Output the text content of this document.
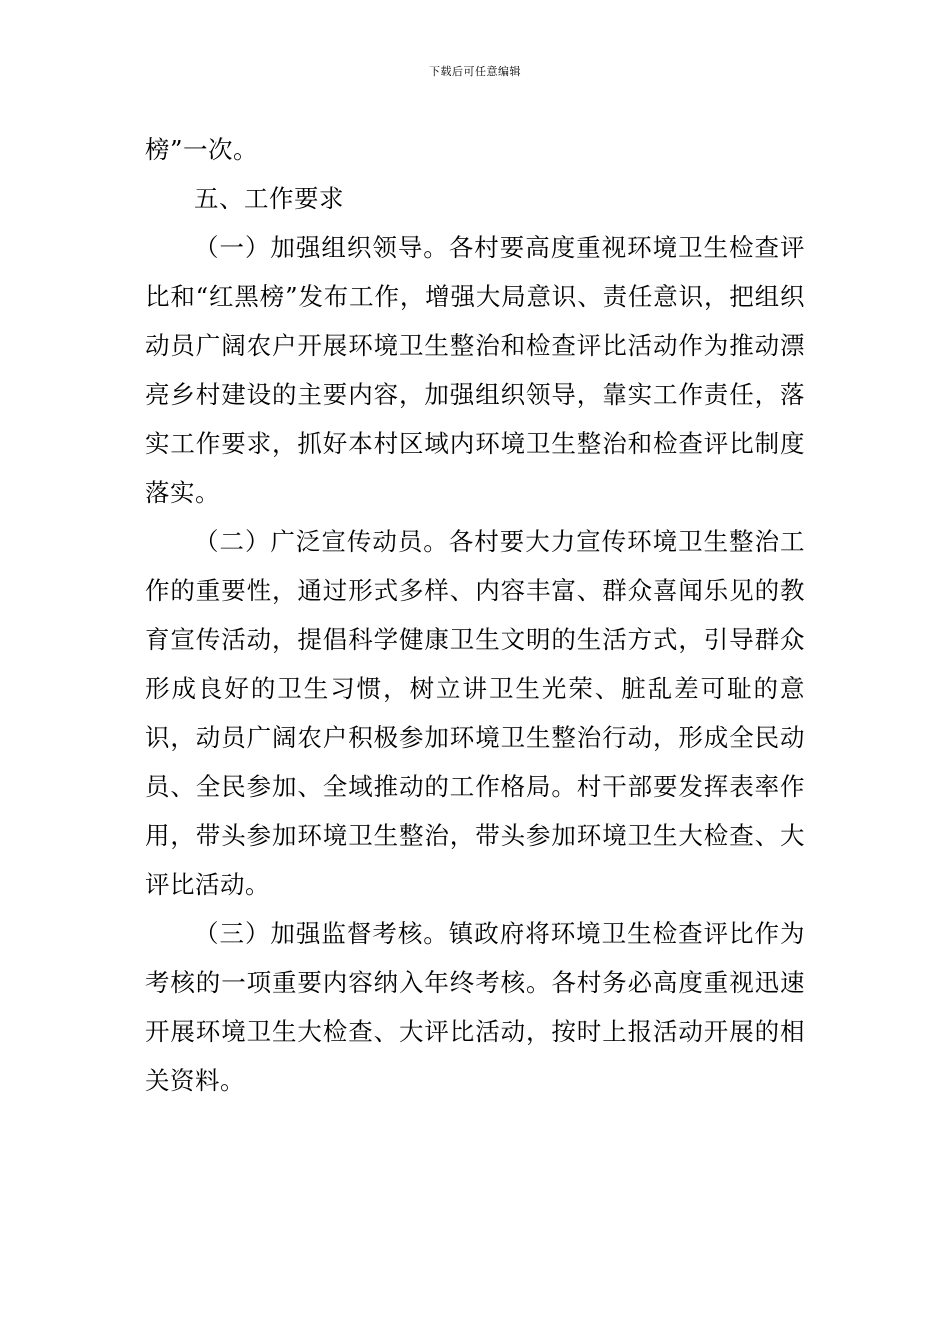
下载后可任意编辑

榜”一次。

五、工作要求

（一）加强组织领导。各村要高度重视环境卫生检查评比和“红黑榜”发布工作，增强大局意识、责任意识，把组织动员广阔农户开展环境卫生整治和检查评比活动作为推动漂亮乡村建设的主要内容，加强组织领导，靠实工作责任，落实工作要求，抓好本村区域内环境卫生整治和检查评比制度落实。

（二）广泛宣传动员。各村要大力宣传环境卫生整治工作的重要性，通过形式多样、内容丰富、群众喜闻乐见的教育宣传活动，提倡科学健康卫生文明的生活方式，引导群众形成良好的卫生习惯，树立讲卫生光荣、脏乱差可耻的意识，动员广阔农户积极参加环境卫生整治行动，形成全民动员、全民参加、全域推动的工作格局。村干部要发挥表率作用，带头参加环境卫生整治，带头参加环境卫生大检查、大评比活动。

（三）加强监督考核。镇政府将环境卫生检查评比作为考核的一项重要内容纳入年终考核。各村务必高度重视迅速开展环境卫生大检查、大评比活动，按时上报活动开展的相关资料。
